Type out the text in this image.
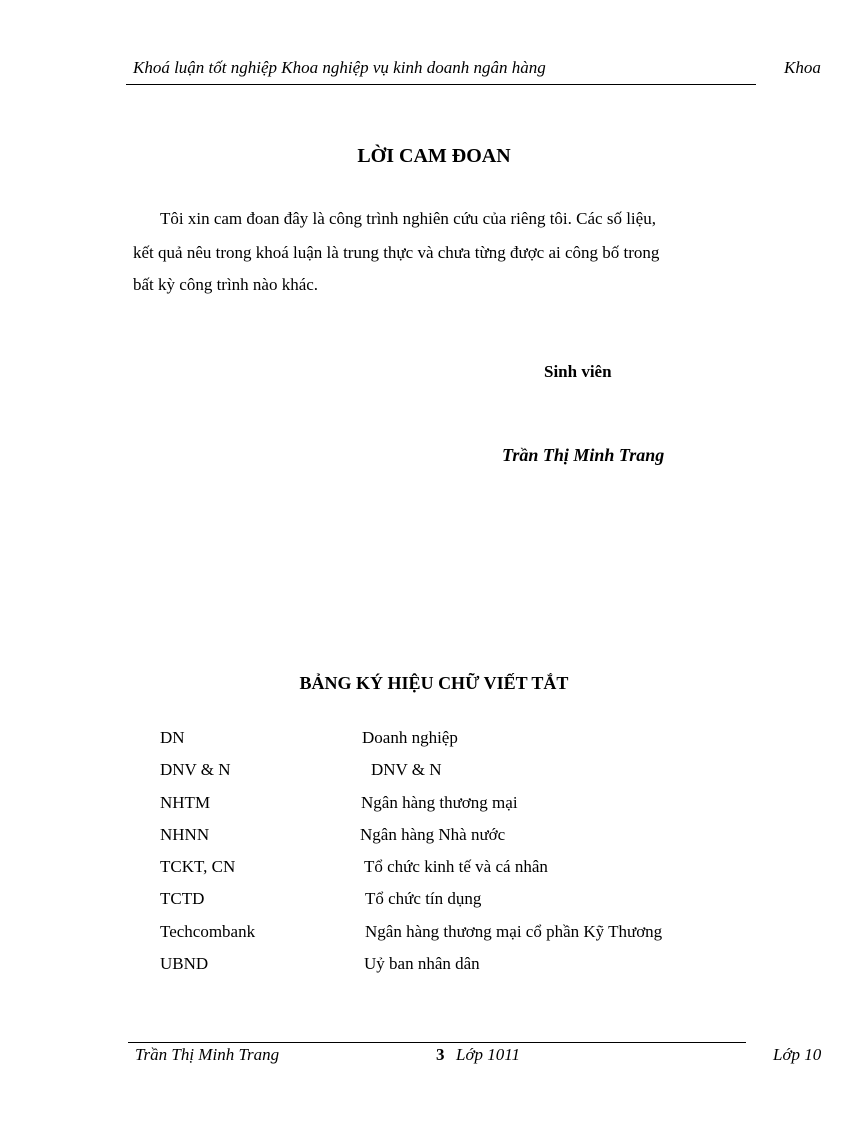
Khoá luận tốt nghiệp Khoa nghiệp vụ kinh doanh ngân hàng	Khoa
LỜI CAM ĐOAN
Tôi xin cam đoan đây là công trình nghiên cứu của riêng tôi. Các số liệu,
kết quả nêu trong khoá luận là trung thực và chưa từng được ai công bố trong
bất kỳ công trình nào khác.
Sinh viên
Trần Thị Minh Trang
BẢNG KÝ HIỆU CHỮ VIẾT TẮT
DN	Doanh nghiệp
DNV & N	DNV & N
NHTM	Ngân hàng thương mại
NHNN	Ngân hàng Nhà nước
TCKT, CN	Tổ chức kinh tế và cá nhân
TCTD	Tổ chức tín dụng
Techcombank	Ngân hàng thương mại cổ phần Kỹ Thương
UBND	Uỷ ban nhân dân
Trần Thị Minh Trang	3 Lớp 1011	Lớp 10
